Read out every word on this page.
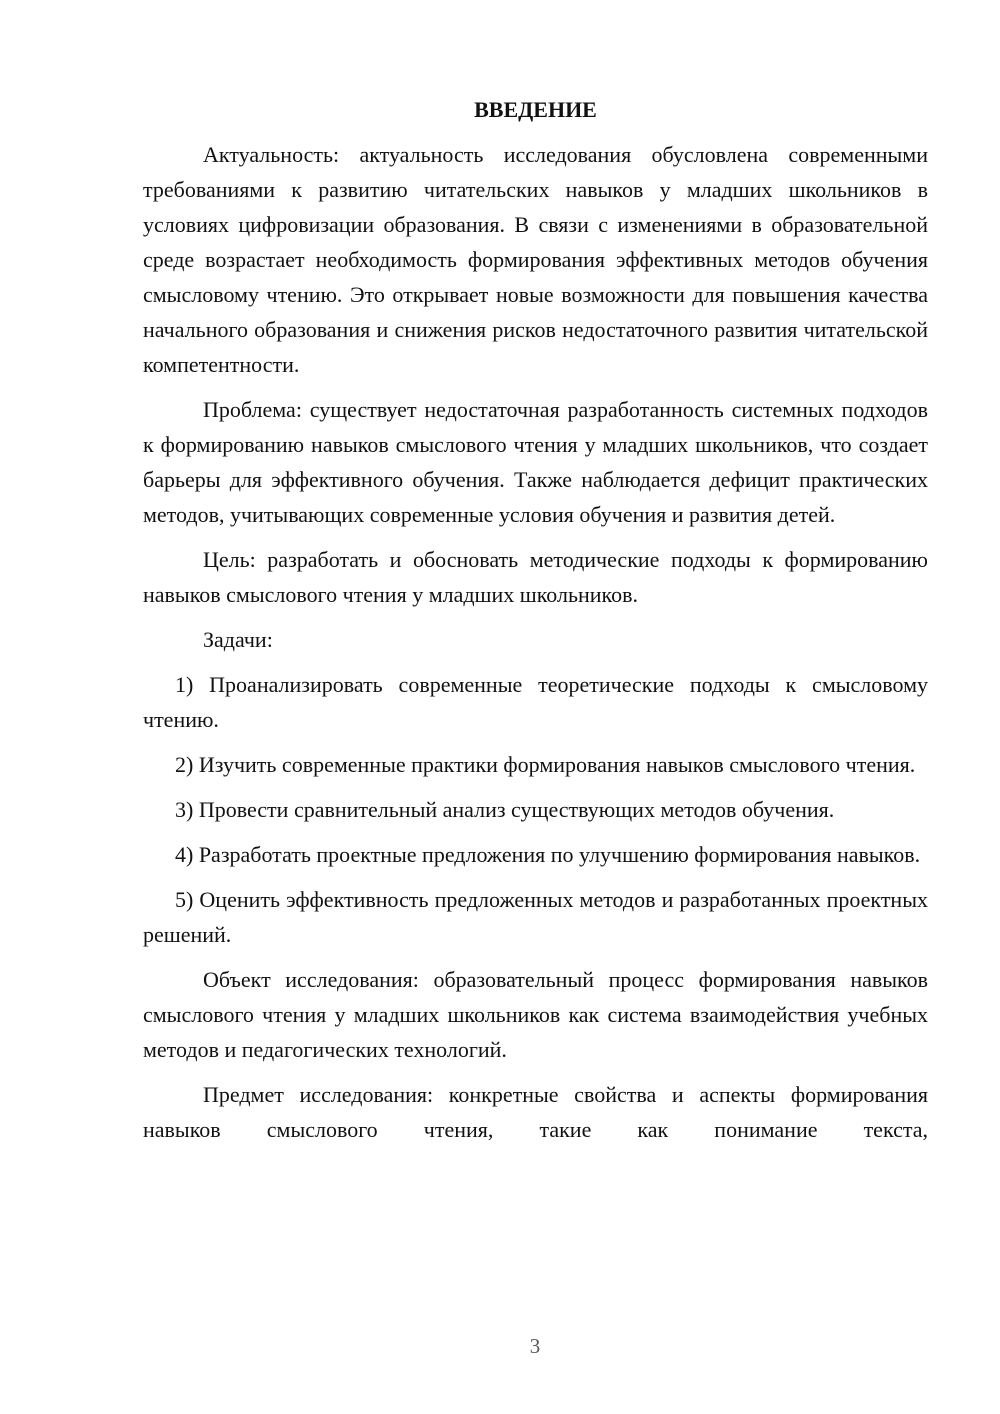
ВВЕДЕНИЕ

Актуальность: актуальность исследования обусловлена современными требованиями к развитию читательских навыков у младших школьников в условиях цифровизации образования. В связи с изменениями в образовательной среде возрастает необходимость формирования эффективных методов обучения смысловому чтению. Это открывает новые возможности для повышения качества начального образования и снижения рисков недостаточного развития читательской компетентности.

Проблема: существует недостаточная разработанность системных подходов к формированию навыков смыслового чтения у младших школьников, что создает барьеры для эффективного обучения. Также наблюдается дефицит практических методов, учитывающих современные условия обучения и развития детей.

Цель: разработать и обосновать методические подходы к формированию навыков смыслового чтения у младших школьников.

Задачи:

1) Проанализировать современные теоретические подходы к смысловому чтению.

2) Изучить современные практики формирования навыков смыслового чтения.

3) Провести сравнительный анализ существующих методов обучения.

4) Разработать проектные предложения по улучшению формирования навыков.

5) Оценить эффективность предложенных методов и разработанных проектных решений.

Объект исследования: образовательный процесс формирования навыков смыслового чтения у младших школьников как система взаимодействия учебных методов и педагогических технологий.

Предмет исследования: конкретные свойства и аспекты формирования навыков смыслового чтения, такие как понимание текста,

3
